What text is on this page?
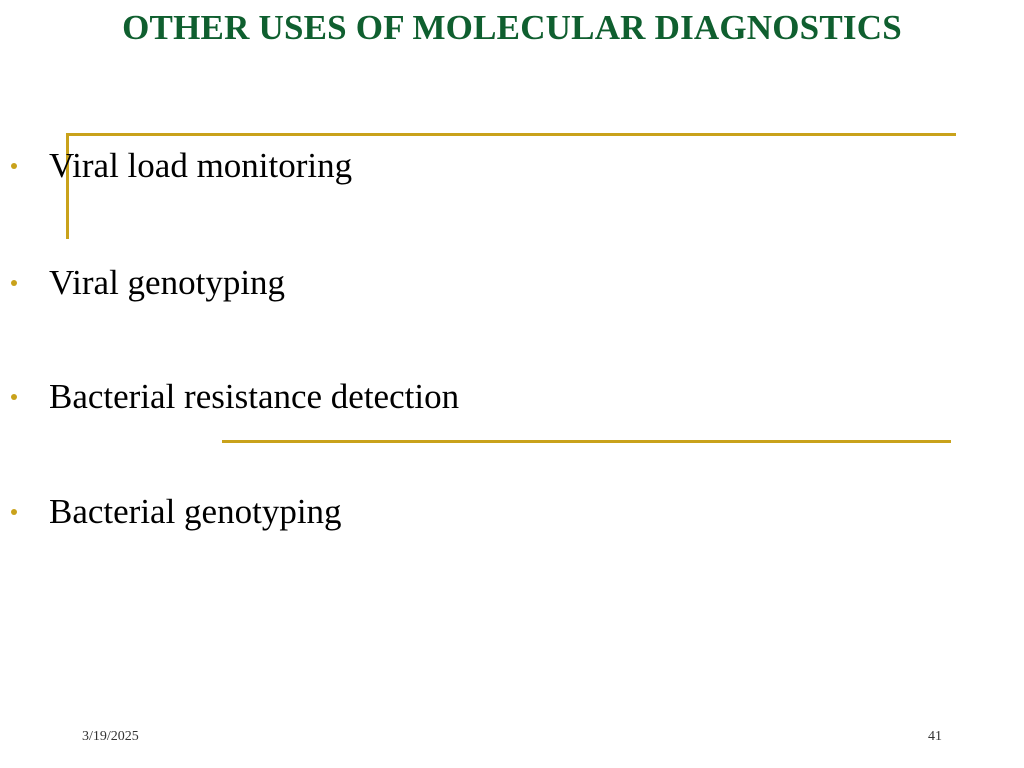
OTHER USES OF MOLECULAR DIAGNOSTICS
Viral load monitoring
Viral genotyping
Bacterial resistance detection
Bacterial genotyping
3/19/2025	41
